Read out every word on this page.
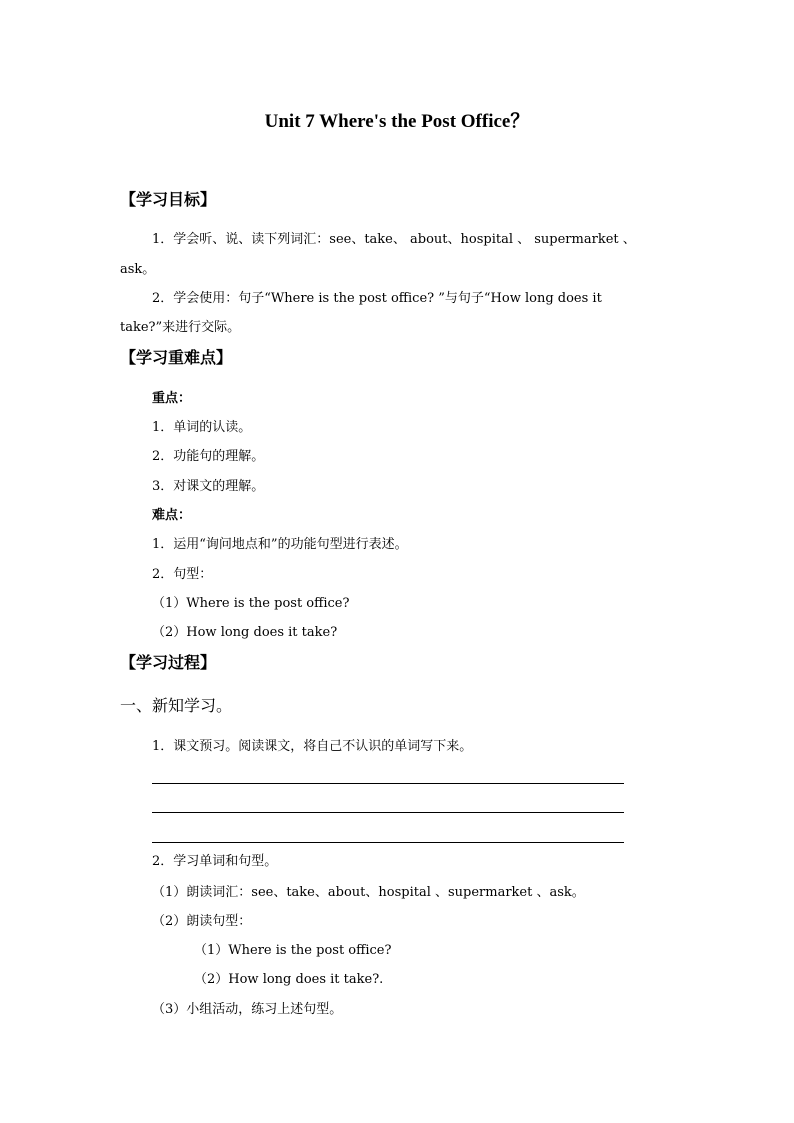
Unit 7 Where's the Post Office？
【学习目标】
1．学会听、说、读下列词汇：see、take、 about、hospital 、 supermarket 、
ask。
2．学会使用：句子“Where is the post office? ”与句子“How long does it
take?”来进行交际。
【学习重难点】
重点：
1．单词的认读。
2．功能句的理解。
3．对课文的理解。
难点：
1．运用“询问地点和”的功能句型进行表述。
2．句型：
（1）Where is the post office?
（2）How long does it take?
【学习过程】
一、新知学习。
1．课文预习。阅读课文，将自己不认识的单词写下来。
2．学习单词和句型。
（1）朗读词汇：see、take、about、hospital 、supermarket 、ask。
（2）朗读句型：
（1）Where is the post office?
（2）How long does it take?.
（3）小组活动，练习上述句型。
